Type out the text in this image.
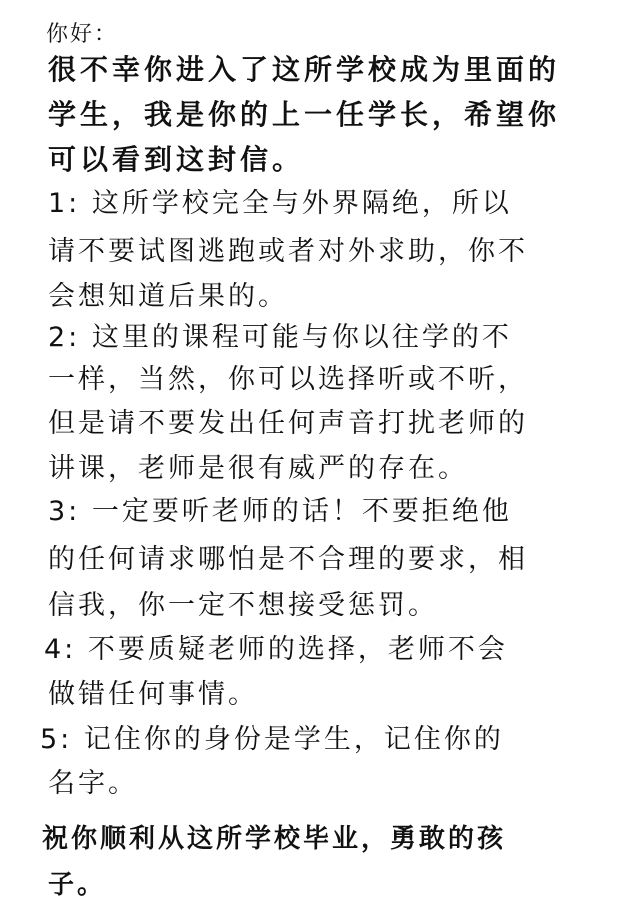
你好：
很不幸你进入了这所学校成为里面的
学生，我是你的上一任学长，希望你
可以看到这封信。
1: 这所学校完全与外界隔绝，所以
请不要试图逃跑或者对外求助，你不
会想知道后果的。
2: 这里的课程可能与你以往学的不
一样，当然，你可以选择听或不听，
但是请不要发出任何声音打扰老师的
讲课，老师是很有威严的存在。
3: 一定要听老师的话！不要拒绝他
的任何请求哪怕是不合理的要求，相
信我，你一定不想接受惩罚。
4: 不要质疑老师的选择，老师不会
做错任何事情。
5: 记住你的身份是学生，记住你的
名字。
祝你顺利从这所学校毕业，勇敢的孩
子。
